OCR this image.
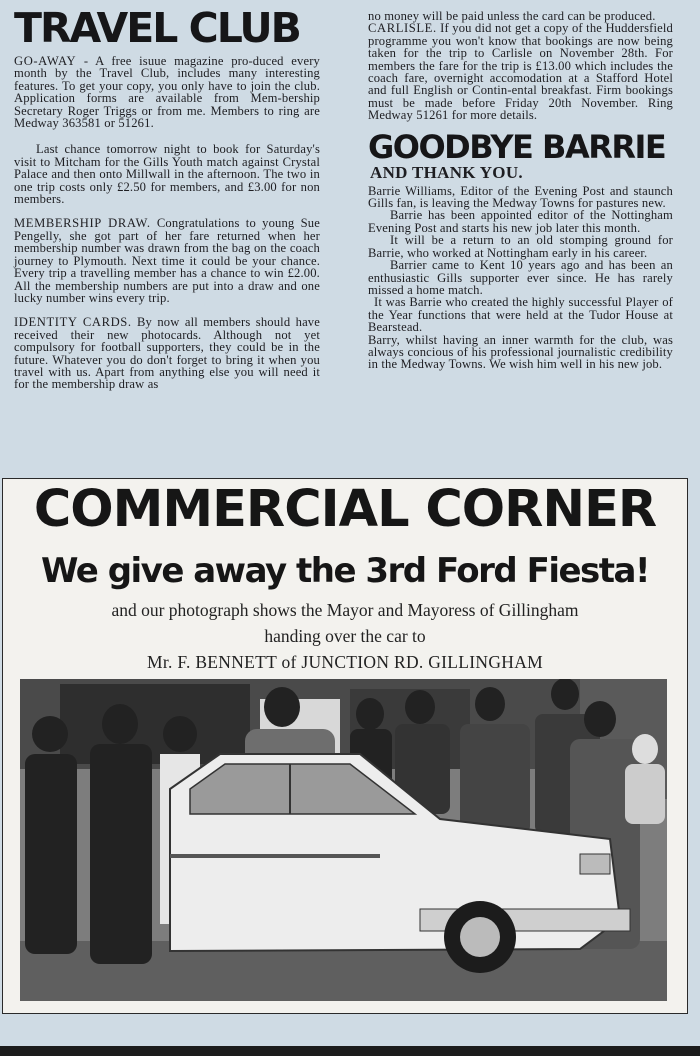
TRAVEL CLUB

GO-AWAY - A free isuue magazine pro-duced every month by the Travel Club, includes many interesting features. To get your copy, you only have to join the club. Application forms are available from Mem-bership Secretary Roger Triggs or from me. Members to ring are Medway 363581 or 51261.

Last chance tomorrow night to book for Saturday's visit to Mitcham for the Gills Youth match against Crystal Palace and then onto Millwall in the afternoon. The two in one trip costs only £2.50 for members, and £3.00 for non members.

MEMBERSHIP DRAW. Congratulations to young Sue Pengelly, she got part of her fare returned when her membership number was drawn from the bag on the coach journey to Plymouth. Next time it could be your chance. Every trip a travelling member has a chance to win £2.00. All the membership numbers are put into a draw and one lucky number wins every trip.

IDENTITY CARDS. By now all members should have received their new photocards. Although not yet compulsory for football supporters, they could be in the future. Whatever you do don't forget to bring it when you travel with us. Apart from anything else you will need it for the membership draw as

no money will be paid unless the card can be produced.

CARLISLE. If you did not get a copy of the Huddersfield programme you won't know that bookings are now being taken for the trip to Carlisle on November 28th. For members the fare for the trip is £13.00 which includes the coach fare, overnight accomodation at a Stafford Hotel and full English or Contin-ental breakfast. Firm bookings must be made before Friday 20th November. Ring Medway 51261 for more details.

GOODBYE BARRIE
AND THANK YOU.

Barrie Williams, Editor of the Evening Post and staunch Gills fan, is leaving the Medway Towns for pastures new.

Barrie has been appointed editor of the Nottingham Evening Post and starts his new job later this month.

It will be a return to an old stomping ground for Barrie, who worked at Nottingham early in his career.

Barrier came to Kent 10 years ago and has been an enthusiastic Gills supporter ever since. He has rarely missed a home match.

It was Barrie who created the highly successful Player of the Year functions that were held at the Tudor House at Bearstead.

Barry, whilst having an inner warmth for the club, was always concious of his professional journalistic credibility in the Medway Towns. We wish him well in his new job.

COMMERCIAL CORNER
We give away the 3rd Ford Fiesta!
and our photograph shows the Mayor and Mayoress of Gillingham
handing over the car to
Mr. F. BENNETT of JUNCTION RD. GILLINGHAM
